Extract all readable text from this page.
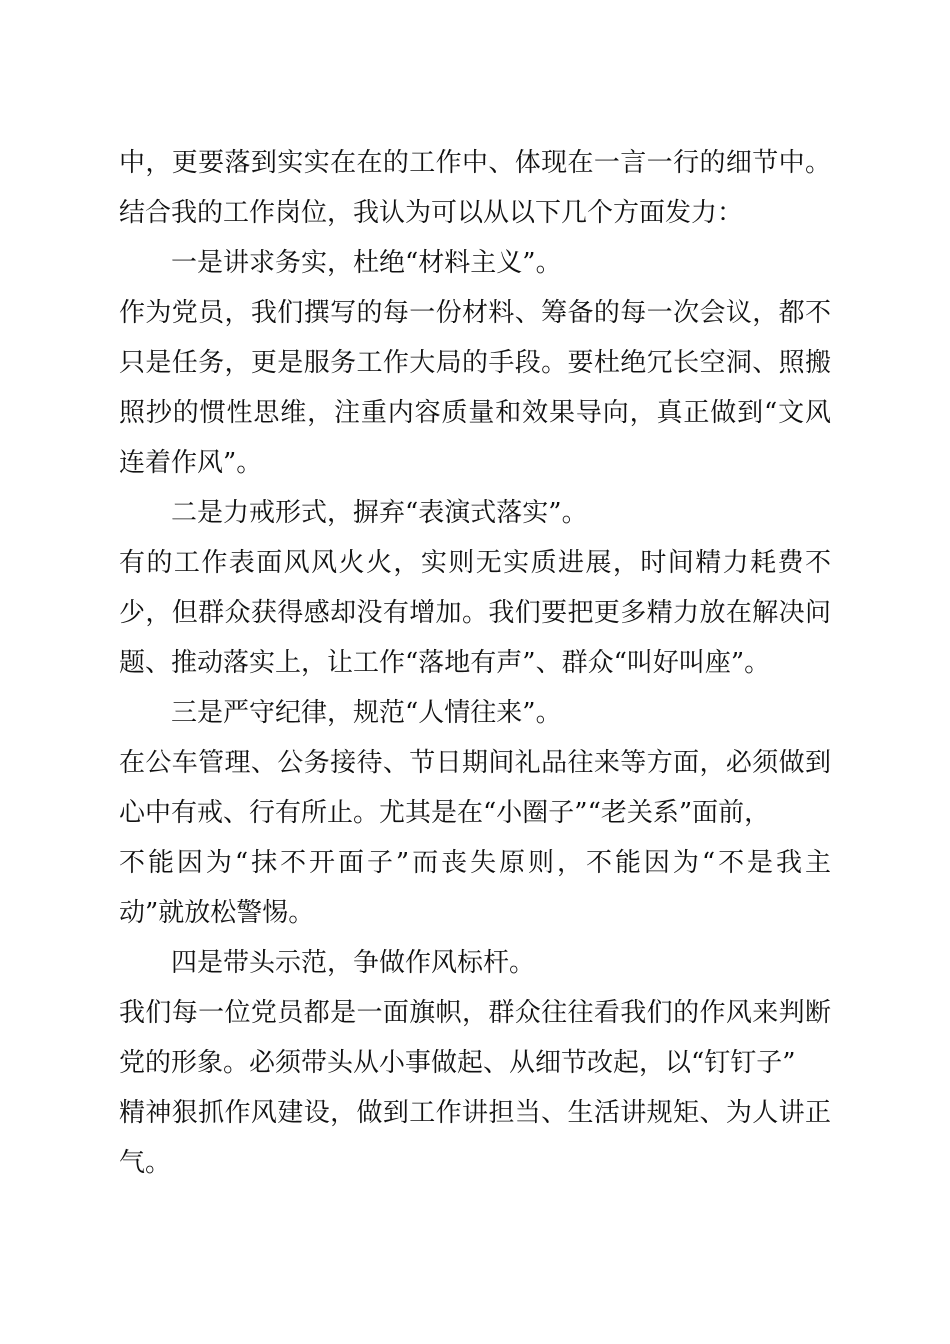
中，更要落到实实在在的工作中、体现在一言一行的细节中。
结合我的工作岗位，我认为可以从以下几个方面发力：
一是讲求务实，杜绝“材料主义”。
作为党员，我们撰写的每一份材料、筹备的每一次会议，都不
只是任务，更是服务工作大局的手段。要杜绝冗长空洞、照搬
照抄的惯性思维，注重内容质量和效果导向，真正做到“文风
连着作风”。
二是力戒形式，摒弃“表演式落实”。
有的工作表面风风火火，实则无实质进展，时间精力耗费不
少，但群众获得感却没有增加。我们要把更多精力放在解决问
题、推动落实上，让工作“落地有声”、群众“叫好叫座”。
三是严守纪律，规范“人情往来”。
在公车管理、公务接待、节日期间礼品往来等方面，必须做到
心中有戒、行有所止。尤其是在“小圈子”“老关系”面前，
不能因为“抹不开面子”而丧失原则，不能因为“不是我主
动”就放松警惕。
四是带头示范，争做作风标杆。
我们每一位党员都是一面旗帜，群众往往看我们的作风来判断
党的形象。必须带头从小事做起、从细节改起，以“钉钉子”
精神狠抓作风建设，做到工作讲担当、生活讲规矩、为人讲正
气。
